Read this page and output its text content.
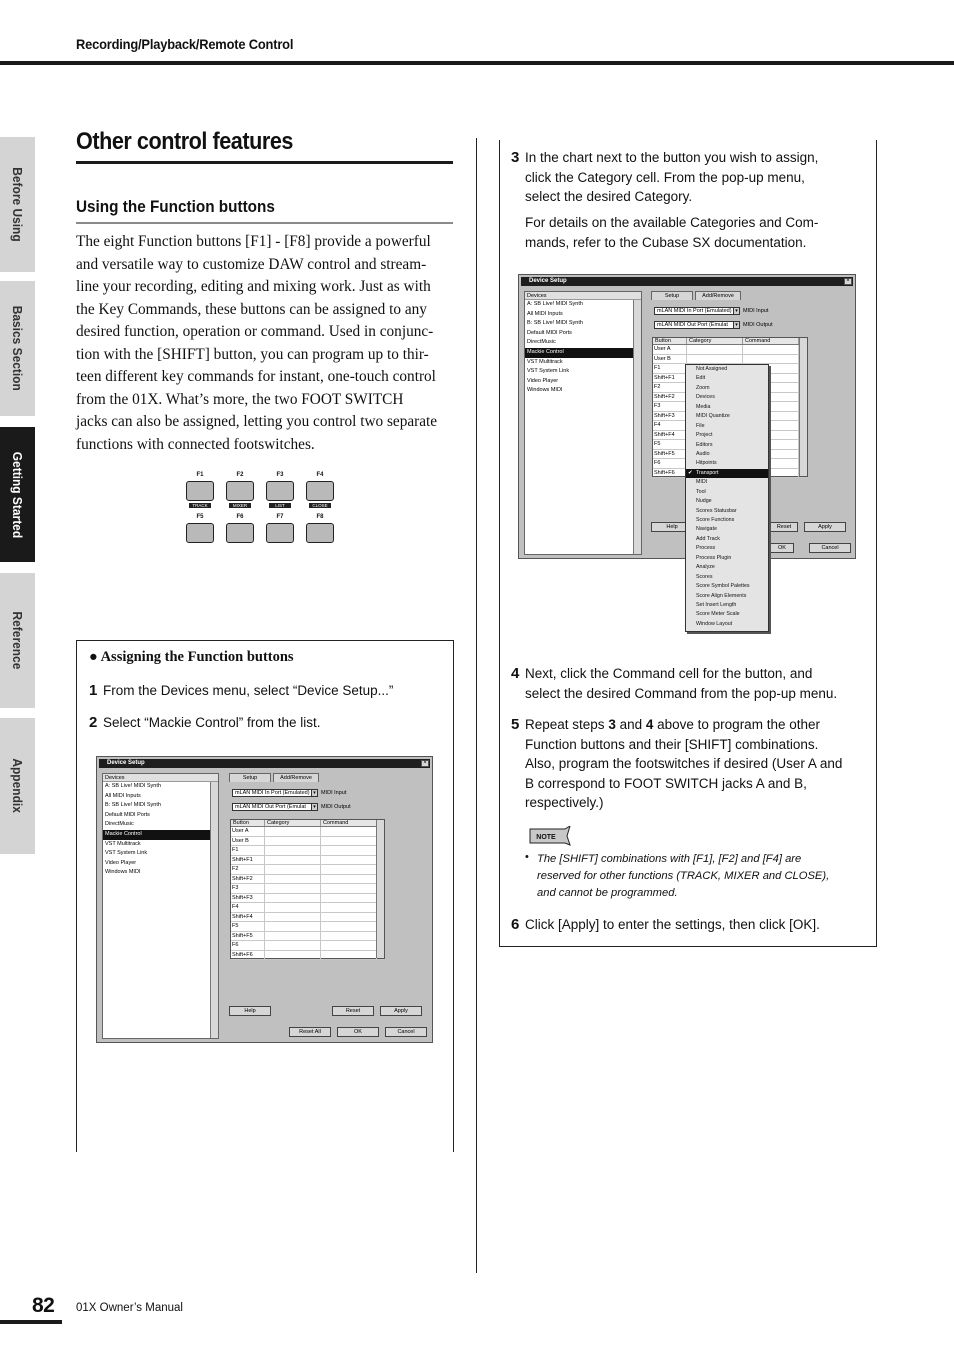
Recording/Playback/Remote Control
Before Using
Basics Section
Getting Started
Reference
Appendix
Other control features
Using the Function buttons
The eight Function buttons [F1] - [F8] provide a powerful
and versatile way to customize DAW control and stream-
line your recording, editing and mixing work. Just as with
the Key Commands, these buttons can be assigned to any
desired function, operation or command. Used in conjunc-
tion with the [SHIFT] button, you can program up to thir-
teen different key commands for instant, one-touch control
from the 01X. What’s more, the two FOOT SWITCH
jacks can also be assigned, letting you control two separate
functions with connected footswitches.
F1	F2	F3	F4
TRACK	MIXER	LIST	CLOSE
F5	F6	F7	F8
● Assigning the Function buttons
1 From the Devices menu, select “Device Setup...”
2 Select “Mackie Control” from the list.
Device Setup	×
Devices
A: SB Live! MIDI Synth
All MIDI Inputs
B: SB Live! MIDI Synth
Default MIDI Ports
DirectMusic
Mackie Control
VST Multitrack
VST System Link
Video Player
Windows MIDI
Setup	Add/Remove
mLAN MIDI In Port (Emulated) ▾ MIDI Input
mLAN MIDI Out Port (Emulat	▾ MIDI Output
Button	Category	Command
User A
User B
F1
Shift+F1
F2
Shift+F2
F3
Shift+F3
F4
Shift+F4
F5
Shift+F5
F6
Shift+F6
Help	Reset	Apply
Reset All	OK	Cancel
3 In the chart next to the button you wish to assign,
click the Category cell. From the pop-up menu,
select the desired Category.
For details on the available Categories and Com-
mands, refer to the Cubase SX documentation.
Device Setup	×
Devices
A: SB Live! MIDI Synth
All MIDI Inputs
B: SB Live! MIDI Synth
Default MIDI Ports
DirectMusic
Mackie Control
VST Multitrack
VST System Link
Video Player
Windows MIDI
Setup	Add/Remove
mLAN MIDI In Port (Emulated) ▾ MIDI Input
mLAN MIDI Out Port (Emulat	▾ MIDI Output
Button	Category	Command
User A
User B
F1
Shift+F1
F2
Shift+F2
F3
Shift+F3
F4
Shift+F4
F5
Shift+F5
F6
Shift+F6
Help	Reset	Apply
OK	Cancel
Not Assigned
Edit
Zoom
Devices
Media
MIDI Quantize
File
Project
Editors
Audio
Hitpoints
✔ Transport
MIDI
Tool
Nudge
Scores Statusbar
Score Functions
Navigate
Add Track
Process
Process Plugin
Analyze
Scores
Score Symbol Palettes
Score Align Elements
Set Insert Length
Score Meter Scale
Window Layout
4 Next, click the Command cell for the button, and
select the desired Command from the pop-up menu.
5 Repeat steps 3 and 4 above to program the other
Function buttons and their [SHIFT] combinations.
Also, program the footswitches if desired (User A and
B correspond to FOOT SWITCH jacks A and B,
respectively.)
NOTE
• The [SHIFT] combinations with [F1], [F2] and [F4] are
reserved for other functions (TRACK, MIXER and CLOSE),
and cannot be programmed.
6 Click [Apply] to enter the settings, then click [OK].
82 01X Owner’s Manual
